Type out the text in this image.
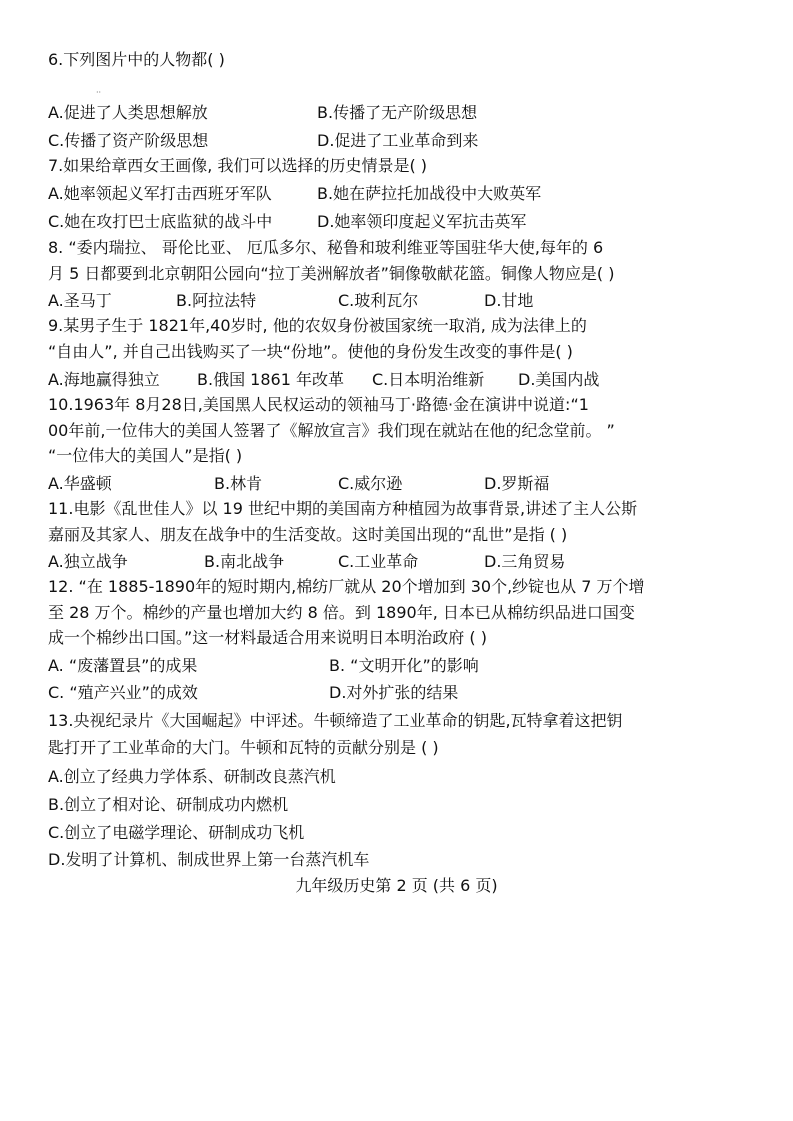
6.下列图片中的人物都( )
··
A.促进了人类思想解放	B.传播了无产阶级思想
C.传播了资产阶级思想	D.促进了工业革命到来
7.如果给章西女王画像, 我们可以选择的历史情景是( )
A.她率领起义军打击西班牙军队	B.她在萨拉托加战役中大败英军
C.她在攻打巴士底监狱的战斗中	D.她率领印度起义军抗击英军
8. “委内瑞拉、 哥伦比亚、 厄瓜多尔、秘鲁和玻利维亚等国驻华大使,每年的 6
月 5 日都要到北京朝阳公园向“拉丁美洲解放者”铜像敬献花篮。铜像人物应是( )
A.圣马丁	B.阿拉法特	C.玻利瓦尔	D.甘地
9.某男子生于 1821年,40岁时, 他的农奴身份被国家统一取消, 成为法律上的
“自由人”, 并自己出钱购买了一块“份地”。使他的身份发生改变的事件是( )
A.海地赢得独立 B.俄国 1861 年改革 C.日本明治维新 D.美国内战
10.1963年 8月28日,美国黑人民权运动的领袖马丁·路德·金在演讲中说道:“1
00年前,一位伟大的美国人签署了《解放宣言》我们现在就站在他的纪念堂前。 ”
“一位伟大的美国人”是指( )
A.华盛顿	B.林肯	C.威尔逊	D.罗斯福
11.电影《乱世佳人》以 19 世纪中期的美国南方种植园为故事背景,讲述了主人公斯
嘉丽及其家人、朋友在战争中的生活变故。这时美国出现的“乱世”是指 ( )
A.独立战争	B.南北战争	C.工业革命	D.三角贸易
12. “在 1885-1890年的短时期内,棉纺厂就从 20个增加到 30个,纱锭也从 7 万个增
至 28 万个。棉纱的产量也增加大约 8 倍。到 1890年, 日本已从棉纺织品进口国变
成一个棉纱出口国。”这一材料最适合用来说明日本明治政府 ( )
A. “废藩置县”的成果	B. “文明开化”的影响
C. “殖产兴业”的成效	D.对外扩张的结果
13.央视纪录片《大国崛起》中评述。牛顿缔造了工业革命的钥匙,瓦特拿着这把钥
匙打开了工业革命的大门。牛顿和瓦特的贡献分别是 ( )
A.创立了经典力学体系、研制改良蒸汽机
B.创立了相对论、研制成功内燃机
C.创立了电磁学理论、研制成功飞机
D.发明了计算机、制成世界上第一台蒸汽机车
九年级历史第 2 页 (共 6 页)
